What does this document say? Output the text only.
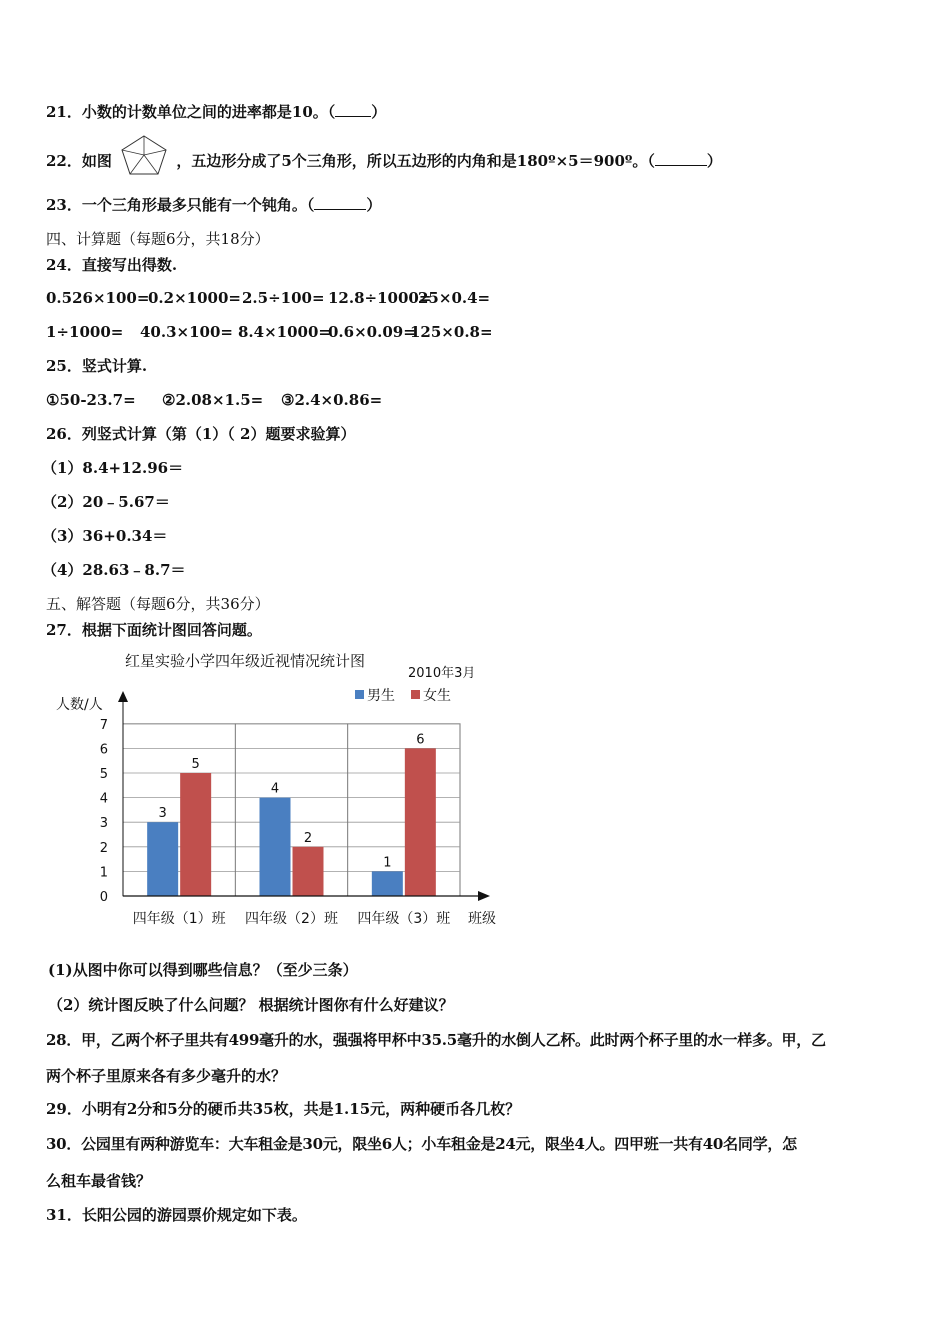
21．小数的计数单位之间的进率都是10。（ ）
22．如图	，五边形分成了5个三角形，所以五边形的内角和是180º×5＝900º。（	）
23．一个三角形最多只能有一个钝角。（	）
四、计算题（每题6分，共18分）
24．直接写出得数.
0.526×100=
0.2×1000= 2.5÷100= 12.8÷1000=
25×0.4=
1÷1000= 40.3×100= 8.4×1000=
0.6×0.09=
125×0.8=
25．竖式计算.
①50-23.7= ②2.08×1.5= ③2.4×0.86=
26．列竖式计算（第（1）（ 2）题要求验算）
（1）8.4+12.96＝
（2）20﹣5.67＝
（3）36+0.34＝
（4）28.63﹣8.7＝
五、解答题（每题6分，共36分）
27．根据下面统计图回答问题。
3
5
4
2
1
6
四年级（1）班 四年级（2）班 四年级（3）班
0
1
2
3
4
5
6
7
红星实验小学四年级近视情况统计图
2010年3月
男生 女生
人数/人
班级
(1)从图中你可以得到哪些信息？（至少三条）
（2）统计图反映了什么问题？ 根据统计图你有什么好建议？
28．甲，乙两个杯子里共有499毫升的水，强强将甲杯中35.5毫升的水倒人乙杯。此时两个杯子里的水一样多。甲，乙
两个杯子里原来各有多少毫升的水？
29．小明有2分和5分的硬币共35枚，共是1.15元，两种硬币各几枚？
30．公园里有两种游览车：大车租金是30元，限坐6人；小车租金是24元，限坐4人。四甲班一共有40名同学，怎
么租车最省钱？
31．长阳公园的游园票价规定如下表。
